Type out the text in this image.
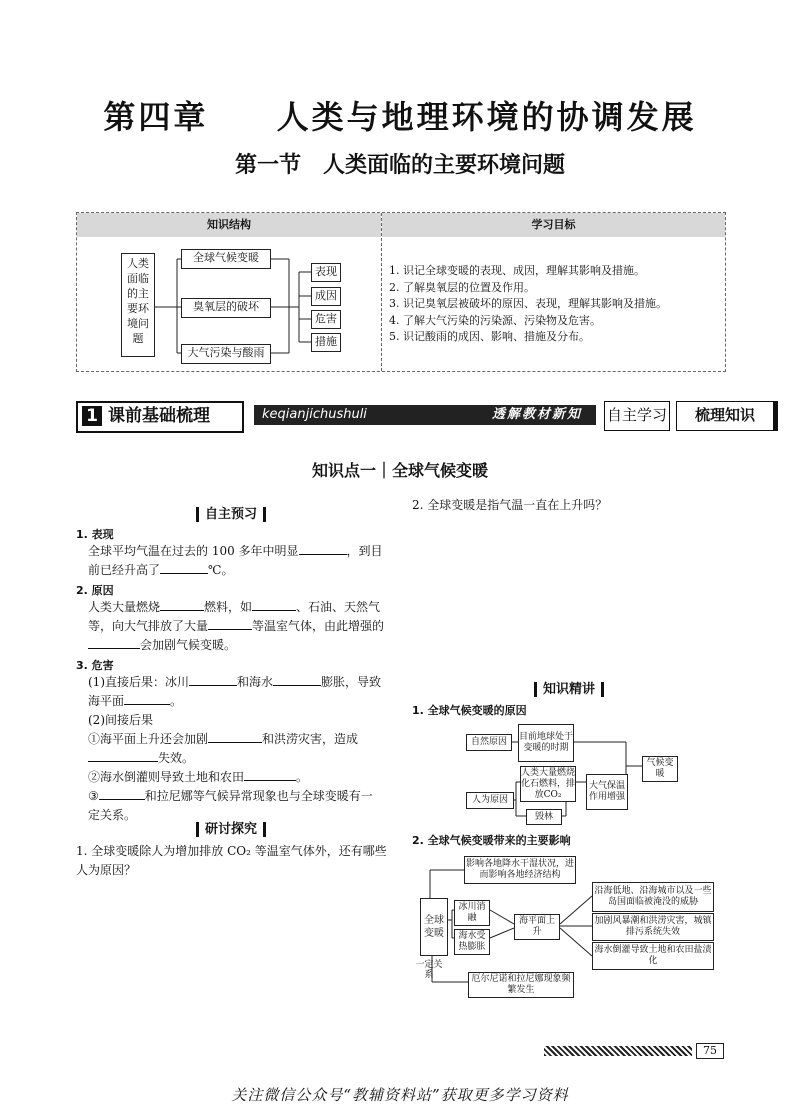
第四章 人类与地理环境的协调发展
第一节　人类面临的主要环境问题
知识结构	学习目标
人类面临的主要环境问题
全球气候变暖
臭氧层的破坏
大气污染与酸雨
表现
成因
危害
措施
1. 识记全球变暖的表现、成因，理解其影响及措施。
2. 了解臭氧层的位置及作用。
3. 识记臭氧层被破坏的原因、表现，理解其影响及措施。
4. 了解大气污染的污染源、污染物及危害。
5. 识记酸雨的成因、影响、措施及分布。
1 课前基础梳理	keqianjichushuli	透解教材新知 自主学习	梳理知识
知识点一｜全球气候变暖
自主预习
1. 表现
全球平均气温在过去的 100 多年中明显	，到目
前已经升高了	℃。
2. 原因
人类大量燃烧	燃料，如	、石油、天然气
等，向大气排放了大量	等温室气体，由此增强的
会加剧气候变暖。
3. 危害
(1)直接后果：冰川	和海水	膨胀，导致
海平面	。
(2)间接后果
①海平面上升还会加剧	和洪涝灾害，造成
失效。
②海水倒灌则导致土地和农田	。
③	和拉尼娜等气候异常现象也与全球变暖有一
定关系。
研讨探究
1. 全球变暖除人为增加排放 CO₂ 等温室气体外，还有哪些人为原因？
2. 全球变暖是指气温一直在上升吗？
知识精讲
1. 全球气候变暖的原因
自然原因	目前地球处于变暖的时期
人为原因
人类大量燃烧化石燃料，排放CO₂
毁林
大气保温作用增强
气候变暖
2. 全球气候变暖带来的主要影响
全球变暖
影响各地降水干湿状况，进而影响各地经济结构
冰川消融
海水受热膨胀
海平面上升
沿海低地、沿海城市以及一些岛国面临被淹没的威胁
加剧风暴潮和洪涝灾害，城镇排污系统失效
海水倒灌导致土地和农田盐渍化
一定关系	厄尔尼诺和拉尼娜现象频繁发生
75
关注微信公众号“教辅资料站”获取更多学习资料
